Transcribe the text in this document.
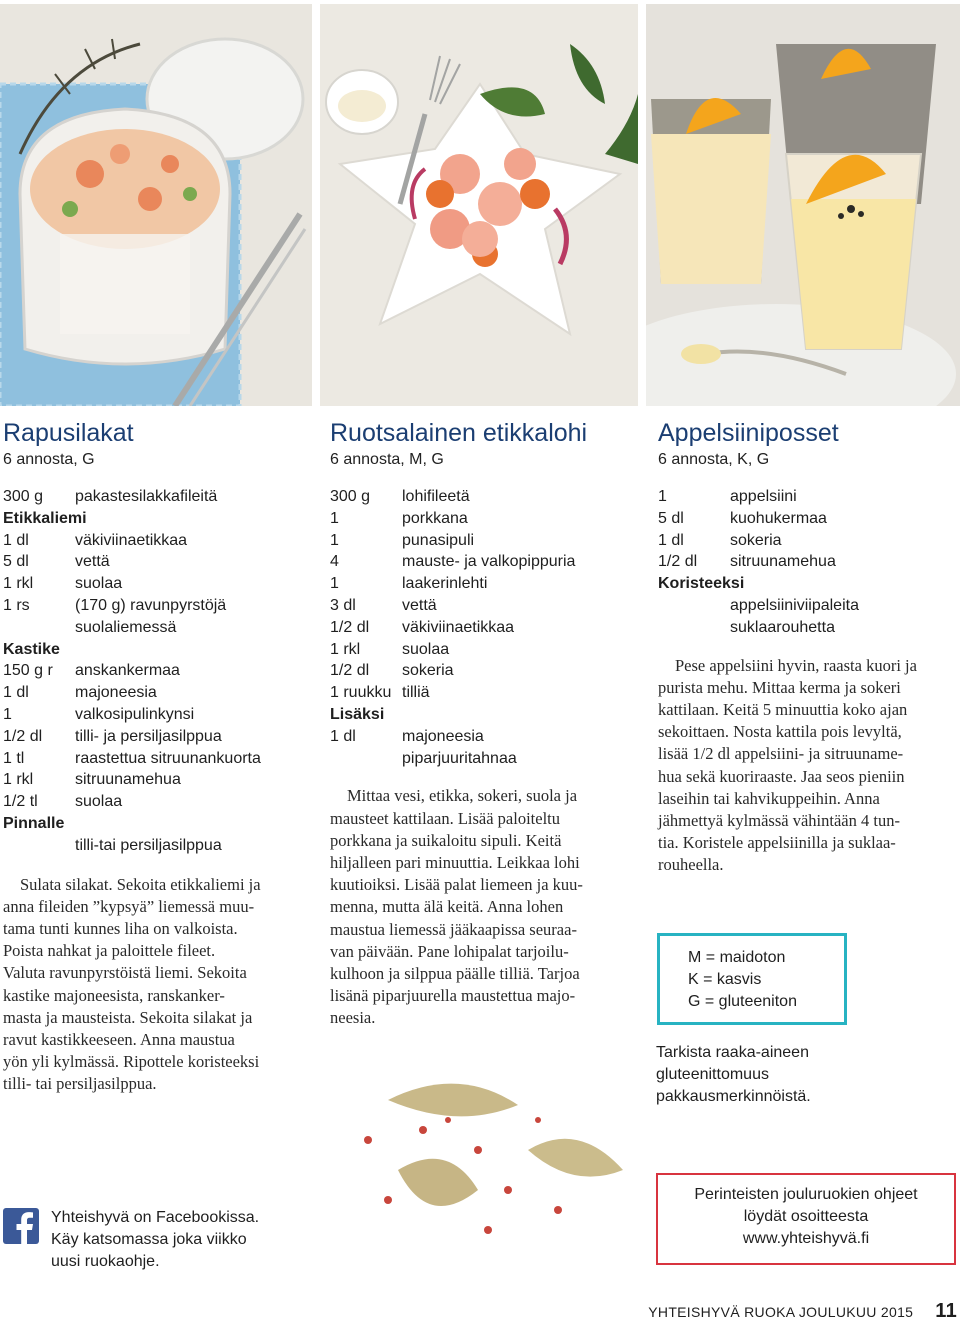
Rapusilakat
6 annosta, G
300 g	pakastesilakkafileitä
Etikkaliemi
1 dl	väkiviinaetikkaa
5 dl	vettä
1 rkl	suolaa
1 rs	(170 g) ravunpyrstöjä
suolaliemessä
Kastike
150 g r	anskankermaa
1 dl	majoneesia
1	valkosipulinkynsi
1/2 dl	tilli- ja persiljasilppua
1 tl	raastettua sitruunankuorta
1 rkl	sitruunamehua
1/2 tl	suolaa
Pinnalle
tilli-tai persiljasilppua
Sulata silakat. Sekoita etikkaliemi ja
anna fileiden ”kypsyä” liemessä muu-
tama tunti kunnes liha on valkoista.
Poista nahkat ja paloittele fileet.
Valuta ravunpyrstöistä liemi. Sekoita
kastike majoneesista, ranskanker-
masta ja mausteista. Sekoita silakat ja
ravut kastikkeeseen. Anna maustua
yön yli kylmässä. Ripottele koristeeksi
tilli- tai persiljasilppua.
Ruotsalainen etikkalohi
6 annosta, M, G
300 g	lohifileetä
1	porkkana
1	punasipuli
4	mauste- ja valkopippuria
1	laakerinlehti
3 dl	vettä
1/2 dl	väkiviinaetikkaa
1 rkl	suolaa
1/2 dl	sokeria
1 ruukku tilliä
Lisäksi
1 dl	majoneesia
piparjuuritahnaa
Mittaa vesi, etikka, sokeri, suola ja
mausteet kattilaan. Lisää paloiteltu
porkkana ja suikaloitu sipuli. Keitä
hiljalleen pari minuuttia. Leikkaa lohi
kuutioiksi. Lisää palat liemeen ja kuu-
menna, mutta älä keitä. Anna lohen
maustua liemessä jääkaapissa seuraa-
van päivään. Pane lohipalat tarjoilu-
kulhoon ja silppua päälle tilliä. Tarjoa
lisänä piparjuurella maustettua majo-
neesia.
Appelsiiniposset
6 annosta, K, G
1	appelsiini
5 dl	kuohukermaa
1 dl	sokeria
1/2 dl	sitruunamehua
Koristeeksi
appelsiiniviipaleita
suklaarouhetta
Pese appelsiini hyvin, raasta kuori ja
purista mehu. Mittaa kerma ja sokeri
kattilaan. Keitä 5 minuuttia koko ajan
sekoittaen. Nosta kattila pois levyltä,
lisää 1/2 dl appelsiini- ja sitruuname-
hua sekä kuoriraaste. Jaa seos pieniin
laseihin tai kahvikuppeihin. Anna
jähmettyä kylmässä vähintään 4 tun-
tia. Koristele appelsiinilla ja suklaa-
rouheella.
M = maidoton
K = kasvis
G = gluteeniton
Tarkista raaka-aineen
gluteenittomuus
pakkausmerkinnöistä.
Yhteishyvä on Facebookissa.
Käy katsomassa joka viikko
uusi ruokaohje.
Perinteisten jouluruokien ohjeet
löydät osoitteesta
www.yhteishyvä.fi
YHTEISHYVÄ RUOKA JOULUKUU 2015 11
